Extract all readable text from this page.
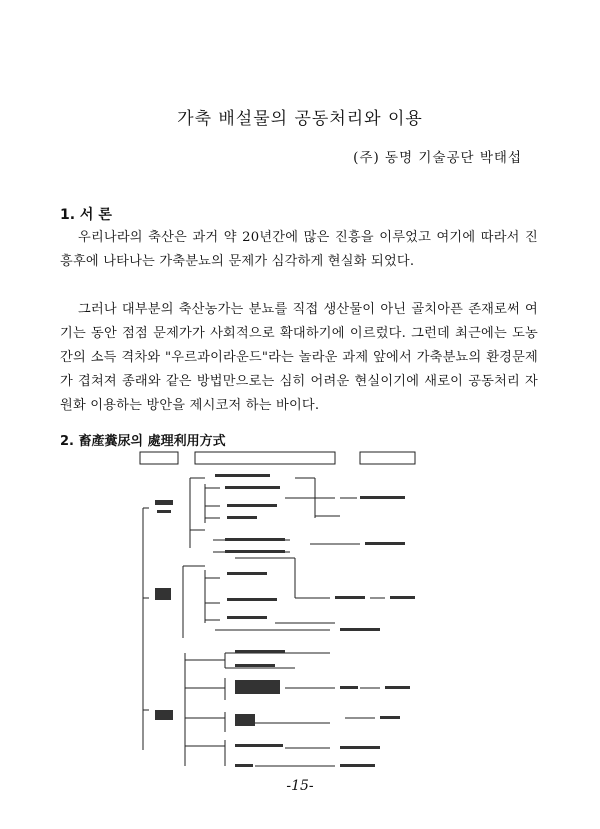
가축 배설물의 공동처리와 이용
(주) 동명 기술공단 박태섭
1. 서 론
우리나라의 축산은 과거 약 20년간에 많은 진흥을 이루었고 여기에 따라서 진흥후에 나타나는 가축분뇨의 문제가 심각하게 현실화 되었다.
그러나 대부분의 축산농가는 분뇨를 직접 생산물이 아닌 골치아픈 존재로써 여기는 동안 점점 문제가가 사회적으로 확대하기에 이르렀다. 그런데 최근에는 도농간의 소득 격차와 "우르과이라운드"라는 놀라운 과제 앞에서 가축분뇨의 환경문제가 겹쳐져 종래와 같은 방법만으로는 심히 어려운 현실이기에 새로이 공동처리 자원화 이용하는 방안을 제시코저 하는 바이다.
2. 畜產糞尿의 處理利用方式
-15-
